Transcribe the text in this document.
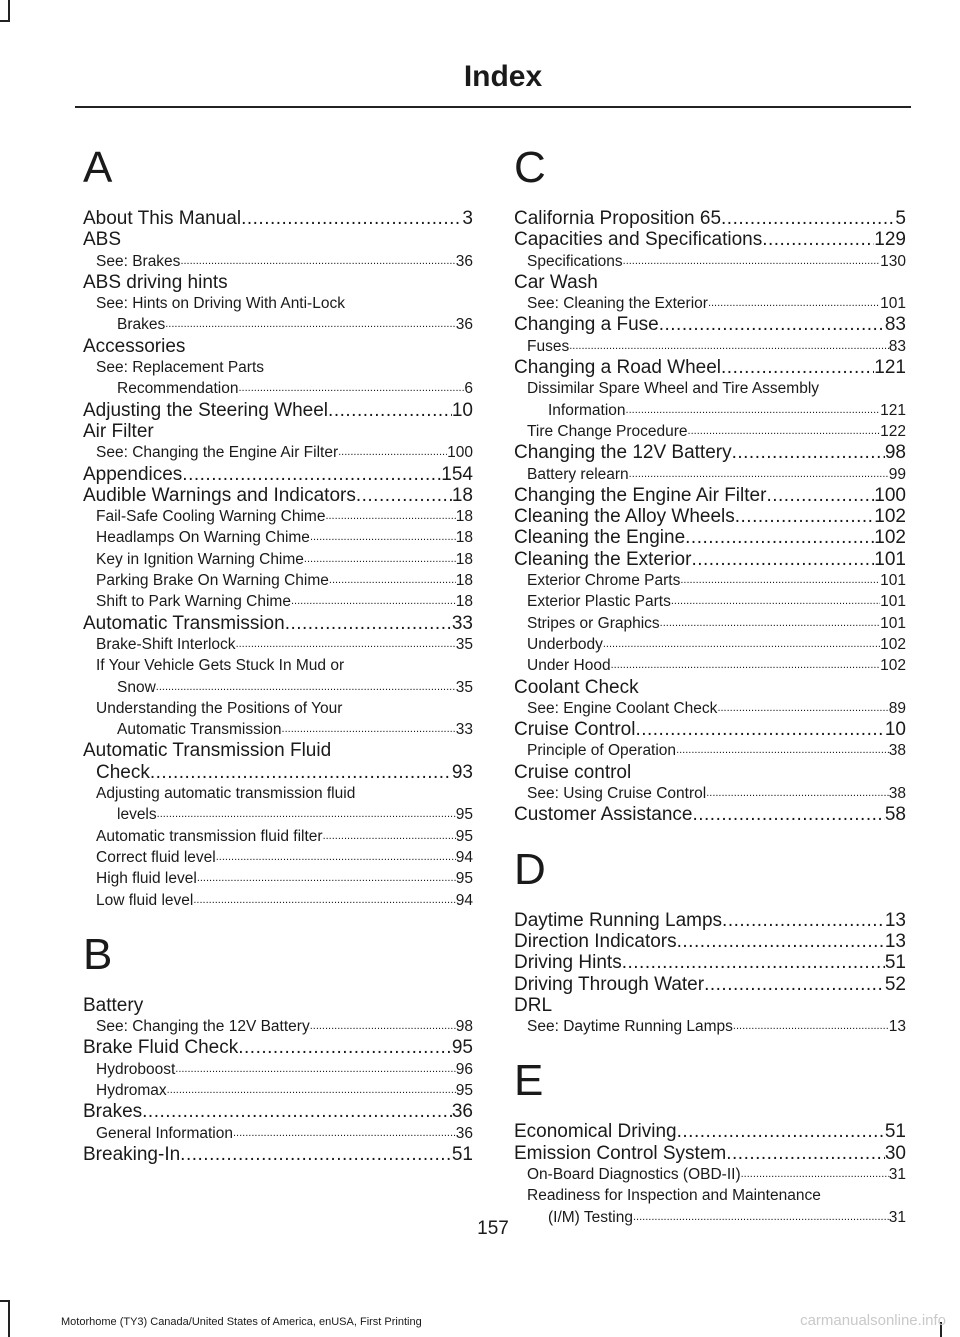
Index
A
About This Manual .....	3
ABS
See: Brakes .....	36
ABS driving hints
See: Hints on Driving With Anti-Lock
Brakes .....	36
Accessories
See: Replacement Parts
Recommendation .....	6
Adjusting the Steering Wheel .....	10
Air Filter
See: Changing the Engine Air Filter .....	100
Appendices .....	154
Audible Warnings and Indicators .....	18
Fail-Safe Cooling Warning Chime .....	18
Headlamps On Warning Chime .....	18
Key in Ignition Warning Chime .....	18
Parking Brake On Warning Chime .....	18
Shift to Park Warning Chime .....	18
Automatic Transmission .....	33
Brake-Shift Interlock .....	35
If Your Vehicle Gets Stuck In Mud or
Snow .....	35
Understanding the Positions of Your
Automatic Transmission .....	33
Automatic Transmission Fluid
Check .....	93
Adjusting automatic transmission fluid
levels .....	95
Automatic transmission fluid filter .....	95
Correct fluid level .....	94
High fluid level .....	95
Low fluid level .....	94
B
Battery
See: Changing the 12V Battery .....	98
Brake Fluid Check .....	95
Hydroboost .....	96
Hydromax .....	95
Brakes .....	36
General Information .....	36
Breaking-In .....	51
C
California Proposition 65 .....	5
Capacities and Specifications .....	129
Specifications .....	130
Car Wash
See: Cleaning the Exterior .....	101
Changing a Fuse .....	83
Fuses .....	83
Changing a Road Wheel .....	121
Dissimilar Spare Wheel and Tire Assembly
Information .....	121
Tire Change Procedure .....	122
Changing the 12V Battery .....	98
Battery relearn .....	99
Changing the Engine Air Filter .....	100
Cleaning the Alloy Wheels .....	102
Cleaning the Engine .....	102
Cleaning the Exterior .....	101
Exterior Chrome Parts .....	101
Exterior Plastic Parts .....	101
Stripes or Graphics .....	101
Underbody .....	102
Under Hood .....	102
Coolant Check
See: Engine Coolant Check .....	89
Cruise Control .....	10
Principle of Operation .....	38
Cruise control
See: Using Cruise Control .....	38
Customer Assistance .....	58
D
Daytime Running Lamps .....	13
Direction Indicators .....	13
Driving Hints .....	51
Driving Through Water .....	52
DRL
See: Daytime Running Lamps .....	13
E
Economical Driving .....	51
Emission Control System .....	30
On-Board Diagnostics (OBD-II) .....	31
Readiness for Inspection and Maintenance
(I/M) Testing .....	31

157

Motorhome (TY3) Canada/United States of America, enUSA, First Printing	carmanualsonline.info
